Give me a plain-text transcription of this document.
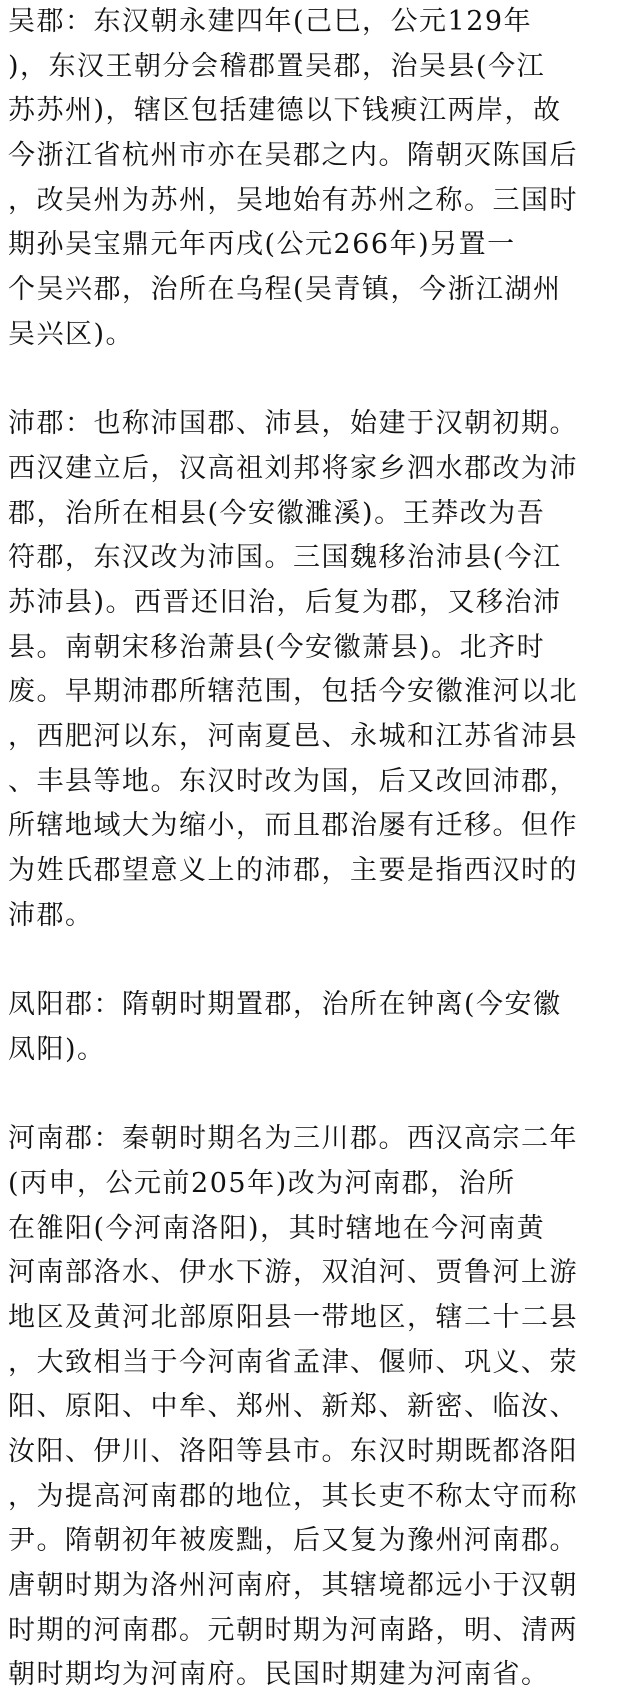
吴郡：东汉朝永建四年(己巳，公元129年
)，东汉王朝分会稽郡置吴郡，治吴县(今江
苏苏州)，辖区包括建德以下钱瘐江两岸，故
今浙江省杭州市亦在吴郡之内。隋朝灭陈国后
，改吴州为苏州，吴地始有苏州之称。三国时
期孙吴宝鼎元年丙戌(公元266年)另置一
个吴兴郡，治所在乌程(吴青镇，今浙江湖州
吴兴区)。
沛郡：也称沛国郡、沛县，始建于汉朝初期。
西汉建立后，汉高祖刘邦将家乡泗水郡改为沛
郡，治所在相县(今安徽濉溪)。王莽改为吾
符郡，东汉改为沛国。三国魏移治沛县(今江
苏沛县)。西晋还旧治，后复为郡，又移治沛
县。南朝宋移治萧县(今安徽萧县)。北齐时
废。早期沛郡所辖范围，包括今安徽淮河以北
，西肥河以东，河南夏邑、永城和江苏省沛县
、丰县等地。东汉时改为国，后又改回沛郡，
所辖地域大为缩小，而且郡治屡有迁移。但作
为姓氏郡望意义上的沛郡，主要是指西汉时的
沛郡。
凤阳郡：隋朝时期置郡，治所在钟离(今安徽
凤阳)。
河南郡：秦朝时期名为三川郡。西汉高宗二年
(丙申，公元前205年)改为河南郡，治所
在雒阳(今河南洛阳)，其时辖地在今河南黄
河南部洛水、伊水下游，双洎河、贾鲁河上游
地区及黄河北部原阳县一带地区，辖二十二县
，大致相当于今河南省孟津、偃师、巩义、荥
阳、原阳、中牟、郑州、新郑、新密、临汝、
汝阳、伊川、洛阳等县市。东汉时期既都洛阳
，为提高河南郡的地位，其长吏不称太守而称
尹。隋朝初年被废黜，后又复为豫州河南郡。
唐朝时期为洛州河南府，其辖境都远小于汉朝
时期的河南郡。元朝时期为河南路，明、清两
朝时期均为河南府。民国时期建为河南省。
